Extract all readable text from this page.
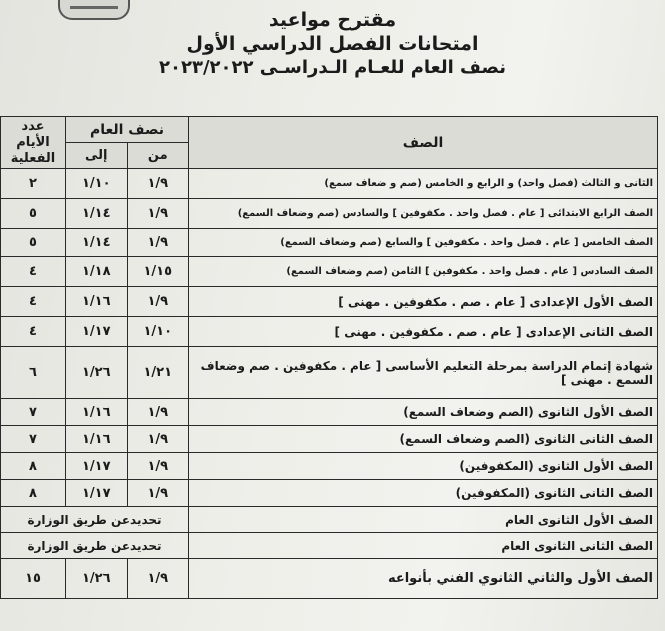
مقترح مواعيد
امتحانات الفصل الدراسي الأول
نصف العام للعـام الـدراسـى ٢٠٢٣/٢٠٢٢
الصف	نصف العام		عدد الأيام الفعلية
	من	إلى	

الثانى و الثالث (فصل واحد) و الرابع و الخامس (صم و ضعاف سمع)	١/٩	١/١٠	٢

الصف الرابع الابتدائى [ عام . فصل واحد . مكفوفين ] والسادس (صم وضعاف السمع)	١/٩	١/١٤	٥

الصف الخامس [ عام . فصل واحد . مكفوفين ] والسابع (صم وضعاف السمع)	١/٩	١/١٤	٥

الصف السادس [ عام . فصل واحد . مكفوفين ] الثامن (صم وضعاف السمع)	١/١٥	١/١٨	٤

الصف الأول الإعدادى [ عام . صم . مكفوفين . مهنى ]	١/٩	١/١٦	٤

الصف الثانى الإعدادى [ عام . صم . مكفوفين . مهنى ]	١/١٠	١/١٧	٤

شهادة إتمام الدراسة بمرحلة التعليم الأساسى [ عام . مكفوفين . صم وضعاف السمع . مهنى ]	١/٢١	١/٢٦	٦

الصف الأول الثانوى (الصم وضعاف السمع)	١/٩	١/١٦	٧

الصف الثانى الثانوى (الصم وضعاف السمع)	١/٩	١/١٦	٧

الصف الأول الثانوى (المكفوفين)	١/٩	١/١٧	٨

الصف الثانى الثانوى (المكفوفين)	١/٩	١/١٧	٨

الصف الأول الثانوى العام	تحديدعن طريق الوزارة		

الصف الثانى الثانوى العام	تحديدعن طريق الوزارة		

الصف الأول والثاني الثانوي الفني بأنواعه	١/٩	١/٢٦	١٥
